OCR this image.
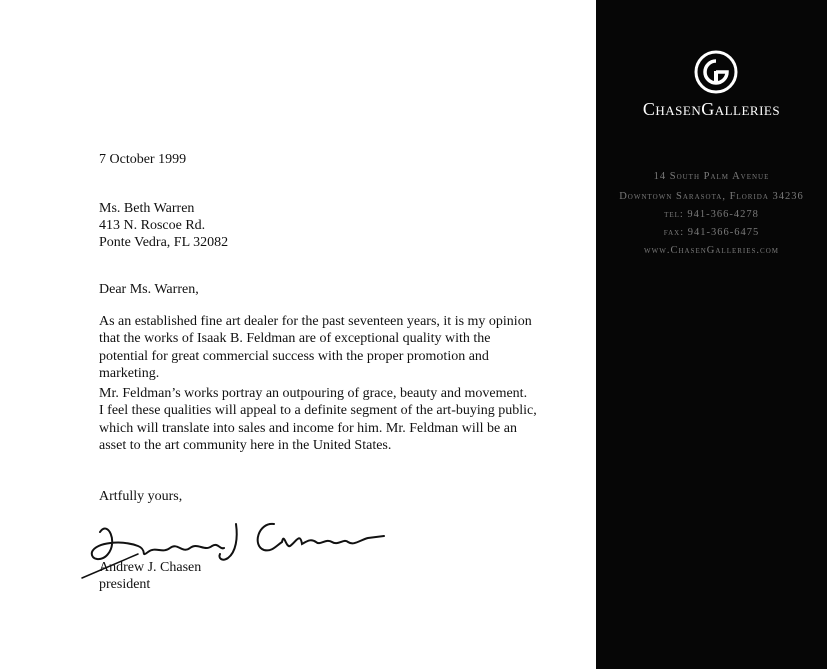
ChasenGalleries
14 South Palm Avenue
Downtown Sarasota, Florida 34236
tel: 941-366-4278
fax: 941-366-6475
www.ChasenGalleries.com
7 October 1999
Ms. Beth Warren
413 N. Roscoe Rd.
Ponte Vedra, FL 32082
Dear Ms. Warren,
As an established fine art dealer for the past seventeen years, it is my opinion
that the works of Isaak B. Feldman are of exceptional quality with the
potential for great commercial success with the proper promotion and
marketing.
Mr. Feldman’s works portray an outpouring of grace, beauty and movement.
I feel these qualities will appeal to a definite segment of the art-buying public,
which will translate into sales and income for him. Mr. Feldman will be an
asset to the art community here in the United States.
Artfully yours,
Andrew J. Chasen
president
